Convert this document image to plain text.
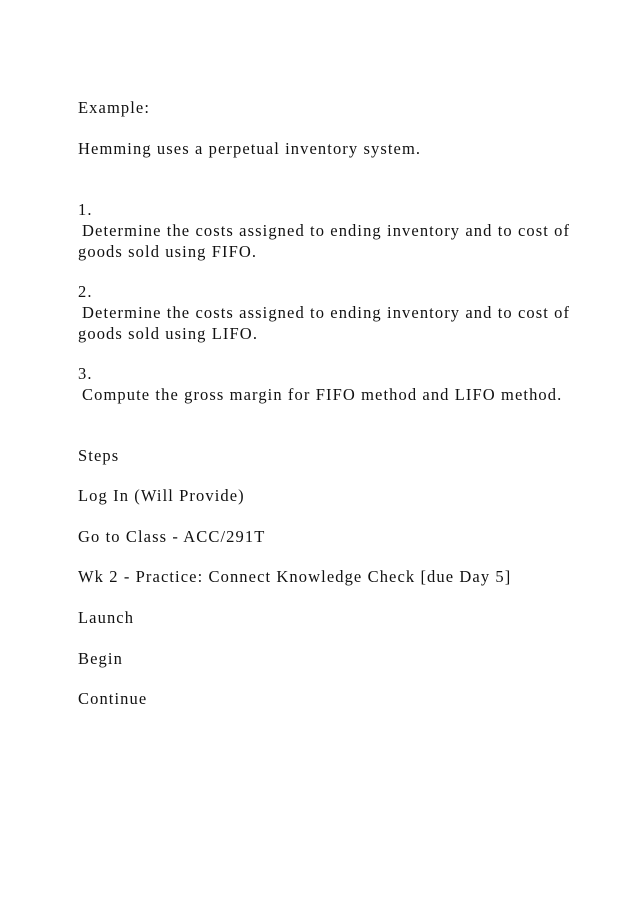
Example:
Hemming uses a perpetual inventory system.
1.
Determine the costs assigned to ending inventory and to cost of
goods sold using FIFO.
2.
Determine the costs assigned to ending inventory and to cost of
goods sold using LIFO.
3.
Compute the gross margin for FIFO method and LIFO method.
Steps
Log In (Will Provide)
Go to Class - ACC/291T
Wk 2 - Practice: Connect Knowledge Check [due Day 5]
Launch
Begin
Continue
